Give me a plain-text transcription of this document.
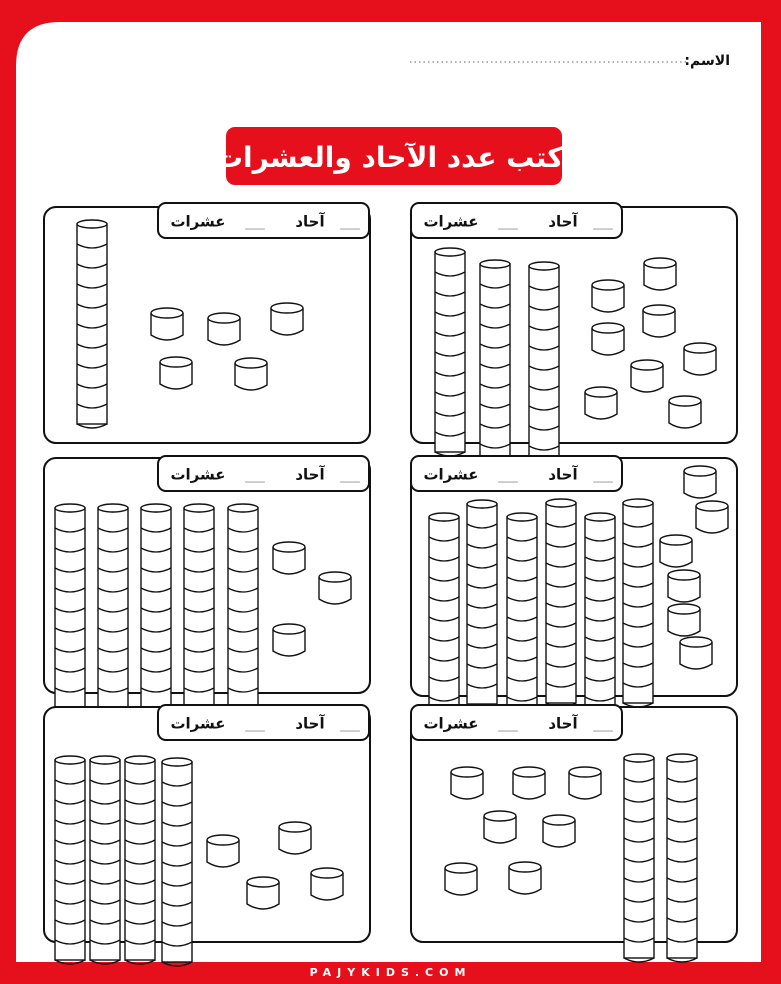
الاسم:
أكتب عدد الآحاد والعشرات
___
آحاد
___
عشرات
___
آحاد
___
عشرات
___
آحاد
___
عشرات
___
آحاد
___
عشرات
___
آحاد
___
عشرات
___
آحاد
___
عشرات
PAJYKIDS.COM
